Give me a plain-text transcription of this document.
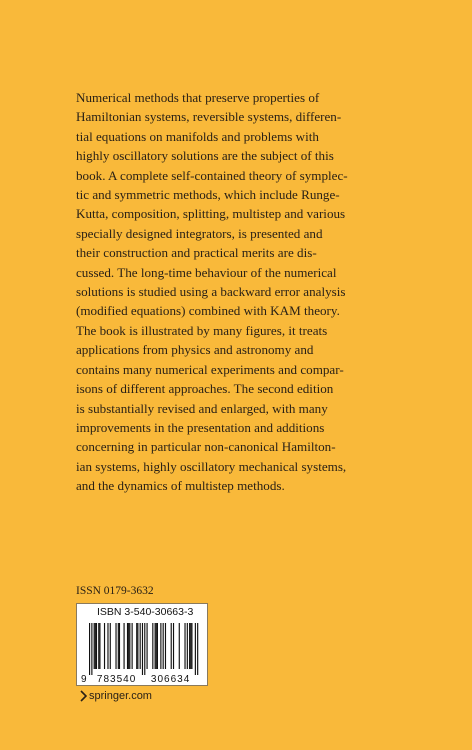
Numerical methods that preserve properties of
Hamiltonian systems, reversible systems, differen-
tial equations on manifolds and problems with
highly oscillatory solutions are the subject of this
book. A complete self-contained theory of symplec-
tic and symmetric methods, which include Runge-
Kutta, composition, splitting, multistep and various
specially designed integrators, is presented and
their construction and practical merits are dis-
cussed. The long-time behaviour of the numerical
solutions is studied using a backward error analysis
(modified equations) combined with KAM theory.
The book is illustrated by many figures, it treats
applications from physics and astronomy and
contains many numerical experiments and compar-
isons of different approaches. The second edition
is substantially revised and enlarged, with many
improvements in the presentation and additions
concerning in particular non-canonical Hamilton-
ian systems, highly oscillatory mechanical systems,
and the dynamics of multistep methods.
ISSN 0179-3632
ISBN 3-540-30663-3
9 783540 306634
springer.com
